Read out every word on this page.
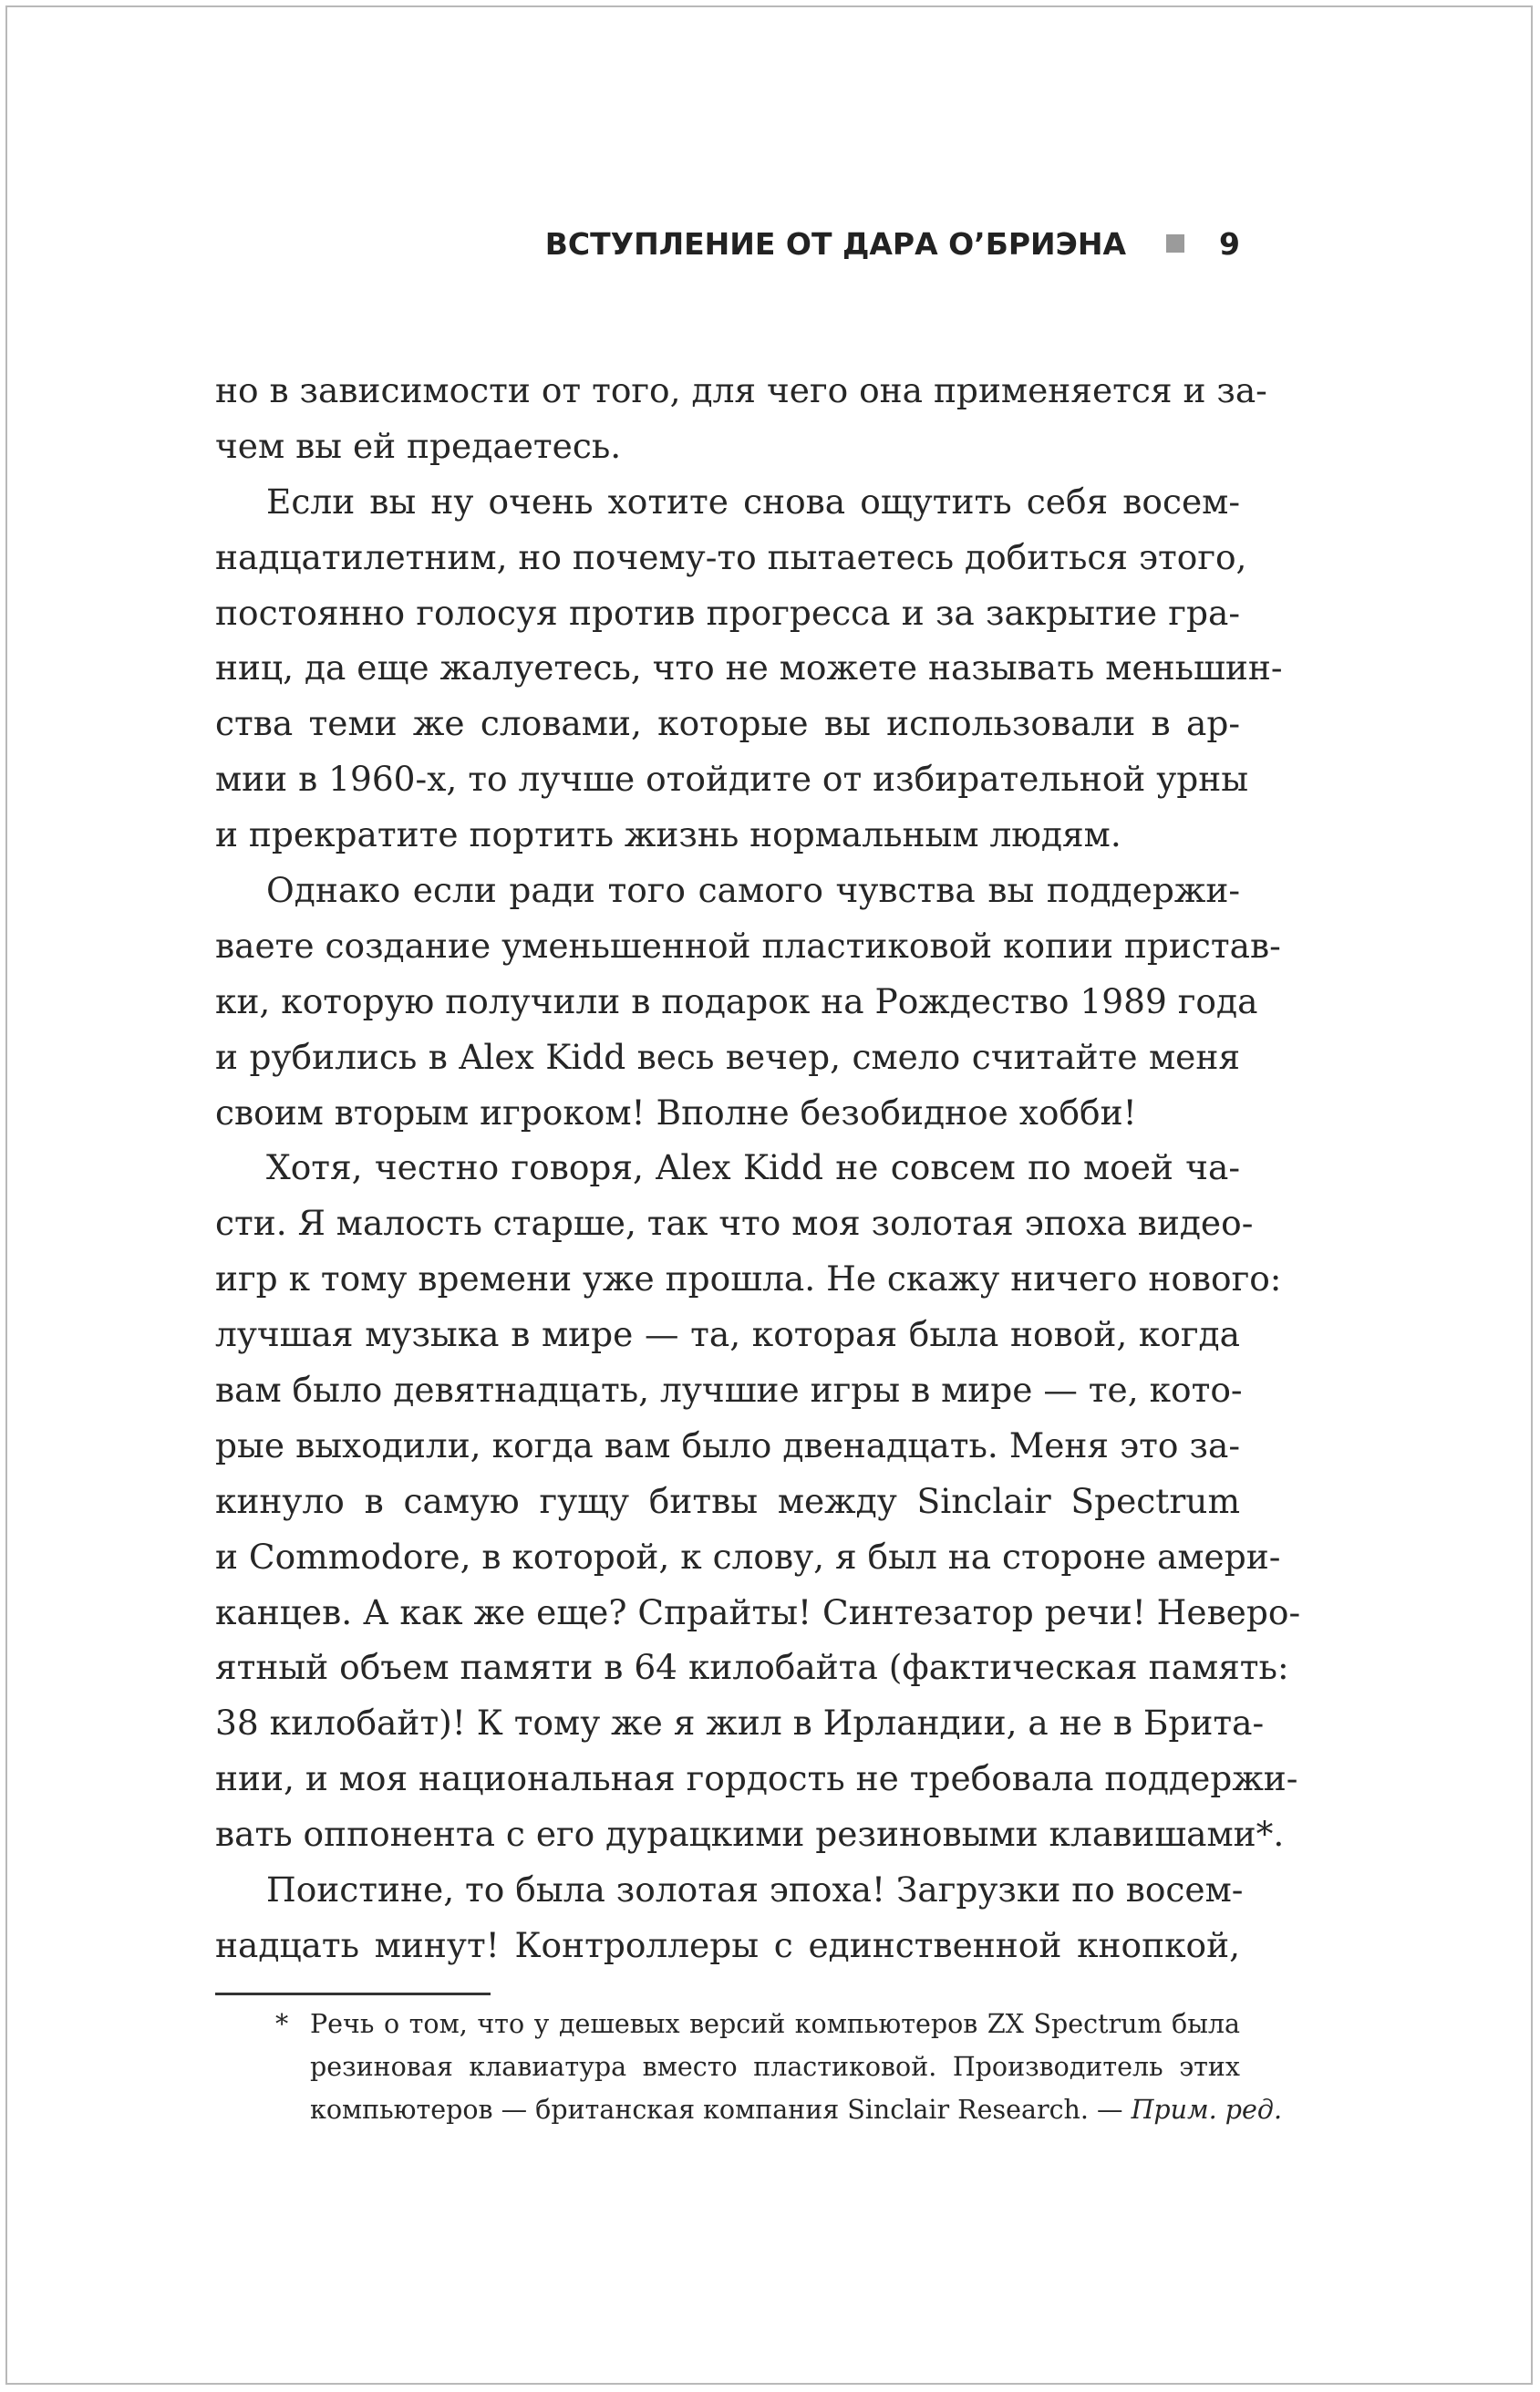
ВСТУПЛЕНИЕ ОТ ДАРА О’БРИЭНА	9
но в зависимости от того, для чего она применяется и за-
чем вы ей предаетесь.
Если вы ну очень хотите снова ощутить себя восем-
надцатилетним, но почему-то пытаетесь добиться этого,
постоянно голосуя против прогресса и за закрытие гра-
ниц, да еще жалуетесь, что не можете называть меньшин-
ства теми же словами, которые вы использовали в ар-
мии в 1960-х, то лучше отойдите от избирательной урны
и прекратите портить жизнь нормальным людям.
Однако если ради того самого чувства вы поддержи-
ваете создание уменьшенной пластиковой копии пристав-
ки, которую получили в подарок на Рождество 1989 года
и рубились в Alex Kidd весь вечер, смело считайте меня
своим вторым игроком! Вполне безобидное хобби!
Хотя, честно говоря, Alex Kidd не совсем по моей ча-
сти. Я малость старше, так что моя золотая эпоха видео-
игр к тому времени уже прошла. Не скажу ничего нового:
лучшая музыка в мире — та, которая была новой, когда
вам было девятнадцать, лучшие игры в мире — те, кото-
рые выходили, когда вам было двенадцать. Меня это за-
кинуло в самую гущу битвы между Sinclair Spectrum
и Commodore, в которой, к слову, я был на стороне амери-
канцев. А как же еще? Спрайты! Синтезатор речи! Неверо-
ятный объем памяти в 64 килобайта (фактическая память:
38 килобайт)! К тому же я жил в Ирландии, а не в Брита-
нии, и моя национальная гордость не требовала поддержи-
вать оппонента с его дурацкими резиновыми клавишами*.
Поистине, то была золотая эпоха! Загрузки по восем-
надцать минут! Контроллеры с единственной кнопкой,
* Речь о том, что у дешевых версий компьютеров ZX Spectrum была
резиновая клавиатура вместо пластиковой. Производитель этих
компьютеров — британская компания Sinclair Research. — Прим. ред.
